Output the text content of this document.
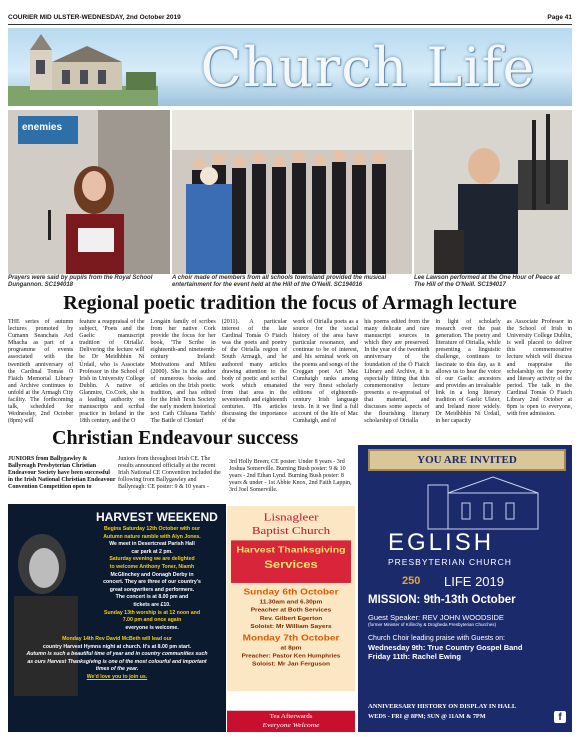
COURIER MID ULSTER-WEDNESDAY, 2nd October 2019	Page 41
Church Life
enemies
Prayers were said by pupils from the Royal School Dungannon. SC194018
A choir made of members from all schools townsland provided the musical entertainment for the event held at the Hill of the O'Neill. SC194016
Lee Lawson performed at the One Hour of Peace at The Hill of the O'Neill. SC194017
Regional poetic tradition the focus of Armagh lecture
THE series of autumn lectures promoted by Cumann Seanchais Ard Mhacha as part of a programme of events associated with the twentieth anniversary of the Cardinal Tomás Ó Fiaich Memorial Library and Archive continues to unfold at the Armagh City facility. The forthcoming talk, scheduled for Wednesday, 2nd October (8pm) will
feature a reappraisal of the subject, 'Poets and the Gaelic manuscript tradition of Oirialla'. Delivering the lecture will be Dr Meidhbhín Ní Úrdail, who is Associate Professor in the School of Irish in University College Dublin. A native of Glanmire, Co.Cork, she is a leading authority on manuscripts and scribal practice in Ireland in the 18th century, and the O
Longáin family of scribes from her native Cork provide the focus for her book, 'The Scribe in eighteenth-and nineteenth-century Ireland: Motivations and Milieu (2000). She is the author of numerous books and articles on the Irish poetic tradition, and has edited for the Irish Texts Society the early modern historical text Cath Chluana Tarbh/ The Battle of Clontarf
(2011). A particular interest of the late Cardinal Tomás Ó Fiaich was the poets and poetry of the Oirialla region of South Armagh, and he authored many articles drawing attention to the body of poetic and scribal work which emanated from that area in the seventeenth and eighteenth centuries. His articles discussing the importance of the
work of Oirialla poets as a source for the social history of the area have particular resonance, and continue to be of interest, and his seminal work on the poems and songs of the Creggan poet Art Mac Cumhaigh ranks among the very finest scholarly editions of eighteenth-century Irish language texts. In it we find a full account of the life of Mac Cumhaigh, and of
his poems edited from the many delicate and rare manuscript sources in which they are preserved. In the year of the twentieth anniversary of the foundation of the Ó Fiaich Library and Archive, it is especially fitting that this commemorative lecture presents a re-appraisal of that material, and discusses some aspects of the flourishing literary scholarship of Oirialla
in light of scholarly research over the past generation. The poetry and literature of Oirialla, while presenting a linguistic challenge, continues to fascinate to this day, as it allows us to hear the voice of our Gaelic ancestors and provides an invaluable link in a long literary tradition of Gaelic Ulster, and Ireland more widely. Dr Meidhbhín Ní Úrdail, in her capacity
as Associate Professor in the School of Irish in University College Dublin, is well placed to deliver this commemorative lecture which will discuss and reappraise the scholarship on the poetry and literary activity of the period. The talk in the Cardinal Tomás Ó Fiaich Library 2nd October at 8pm is open to everyone, with free admission.
Christian Endeavour success
JUNIORS from Ballygawley & Ballyreagh Presbyterian Christian Endeavour Society have been successful in the Irish National Christian Endeavour Convention Competition open to
Juniors from throughout Irish CE. The results announced officially at the recent Irish National CE Convention included the following from Ballygawley and Ballyreagh: CE poster: 9 & 10 years -
3rd Holly Breen; CE poster: Under 8 years - 3rd Joshua Somerville. Burning Bush poster: 9 & 10 years - 2nd Ethan Lynd. Burning Bush poster: 8 years & under - 1st Abbie Knox, 2nd Faith Lappin, 3rd Joel Somerville.
HARVEST WEEKEND
Begins Saturday 12th October with our
Autumn nature ramble with Alyn Jones.
We meet in Desertcreat Parish Hall
car park at 2 pm.
Saturday evening we are delighted
to welcome Anthony Toner, Niamh
McGlinchey and Oonagh Derby in
concert. They are three of our country's
great songwriters and performers.
The concert is at 8.00 pm and
tickets are £10.
Sunday 13th worship is at 12 noon and
7.00 pm and once again
everyone is welcome.
Monday 14th Rev David McBeth will lead our
country Harvest Hymns night at church. It's at 8.00 pm start.
Autumn is such a beautiful time of year and in country communities such
as ours Harvest Thanksgiving is one of the most colourful and important
times of the year.
We'd love you to join us.
Lisnagleer
Baptist Church
Harvest Thanksgiving
Services
Sunday 6th October
11.30am and 6.30pm
Preacher at Both Services
Rev. Gilbert Egerton
Soloist: Mr William Sayers
Monday 7th October
at 8pm
Preacher: Pastor Ken Humphries
Soloist: Mr Jan Ferguson
Tea Afterwards
Everyone Welcome
YOU ARE INVITED
EGLISH
PRESBYTERIAN CHURCH
250 LIFE 2019
MISSION: 9th-13th October
Guest Speaker: REV JOHN WOODSIDE
(former Minister of Killinchy & Drogheda Presbyterian Churches)
Church Choir leading praise with Guests on:
Wednesday 9th: True Country Gospel Band
Friday 11th: Rachel Ewing
ANNIVERSARY HISTORY ON DISPLAY IN HALL
WEDS - FRI @ 8PM; SUN @ 11AM & 7PM	f
